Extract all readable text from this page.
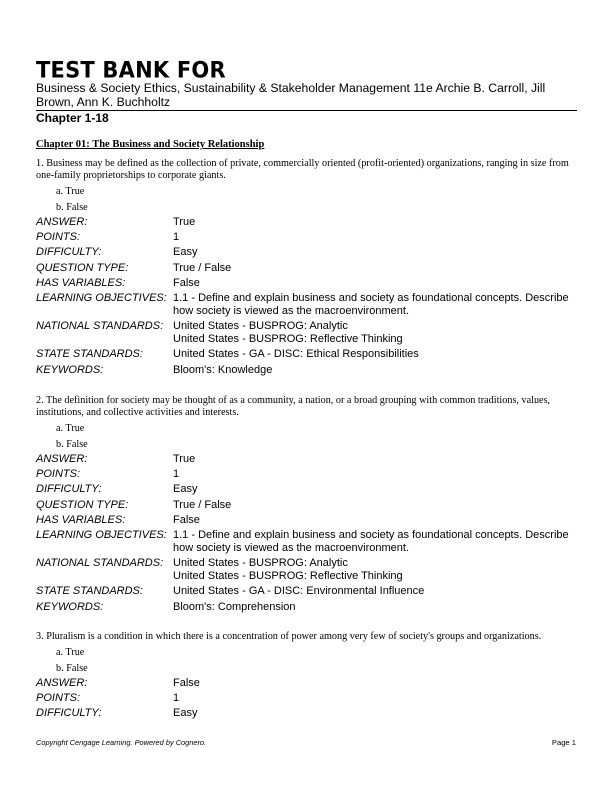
TEST BANK FOR
Business & Society Ethics, Sustainability & Stakeholder Management 11e Archie B. Carroll, Jill Brown, Ann K. Buchholtz
Chapter 1-18
Chapter 01: The Business and Society Relationship
1. Business may be defined as the collection of private, commercially oriented (profit-oriented) organizations, ranging in size from one-family proprietorships to corporate giants.
a. True
b. False
ANSWER:	True
POINTS:	1
DIFFICULTY:	Easy
QUESTION TYPE:	True / False
HAS VARIABLES:	False
LEARNING OBJECTIVES: 1.1 - Define and explain business and society as foundational concepts. Describe how society is viewed as the macroenvironment.
NATIONAL STANDARDS: United States - BUSPROG: Analytic
United States - BUSPROG: Reflective Thinking
STATE STANDARDS:	United States - GA - DISC: Ethical Responsibilities
KEYWORDS:	Bloom's: Knowledge
2. The definition for society may be thought of as a community, a nation, or a broad grouping with common traditions, values, institutions, and collective activities and interests.
a. True
b. False
ANSWER:	True
POINTS:	1
DIFFICULTY:	Easy
QUESTION TYPE:	True / False
HAS VARIABLES:	False
LEARNING OBJECTIVES: 1.1 - Define and explain business and society as foundational concepts. Describe how society is viewed as the macroenvironment.
NATIONAL STANDARDS: United States - BUSPROG: Analytic
United States - BUSPROG: Reflective Thinking
STATE STANDARDS:	United States - GA - DISC: Environmental Influence
KEYWORDS:	Bloom's: Comprehension
3. Pluralism is a condition in which there is a concentration of power among very few of society's groups and organizations.
a. True
b. False
ANSWER:	False
POINTS:	1
DIFFICULTY:	Easy
Copyright Cengage Learning. Powered by Cognero.	Page 1
